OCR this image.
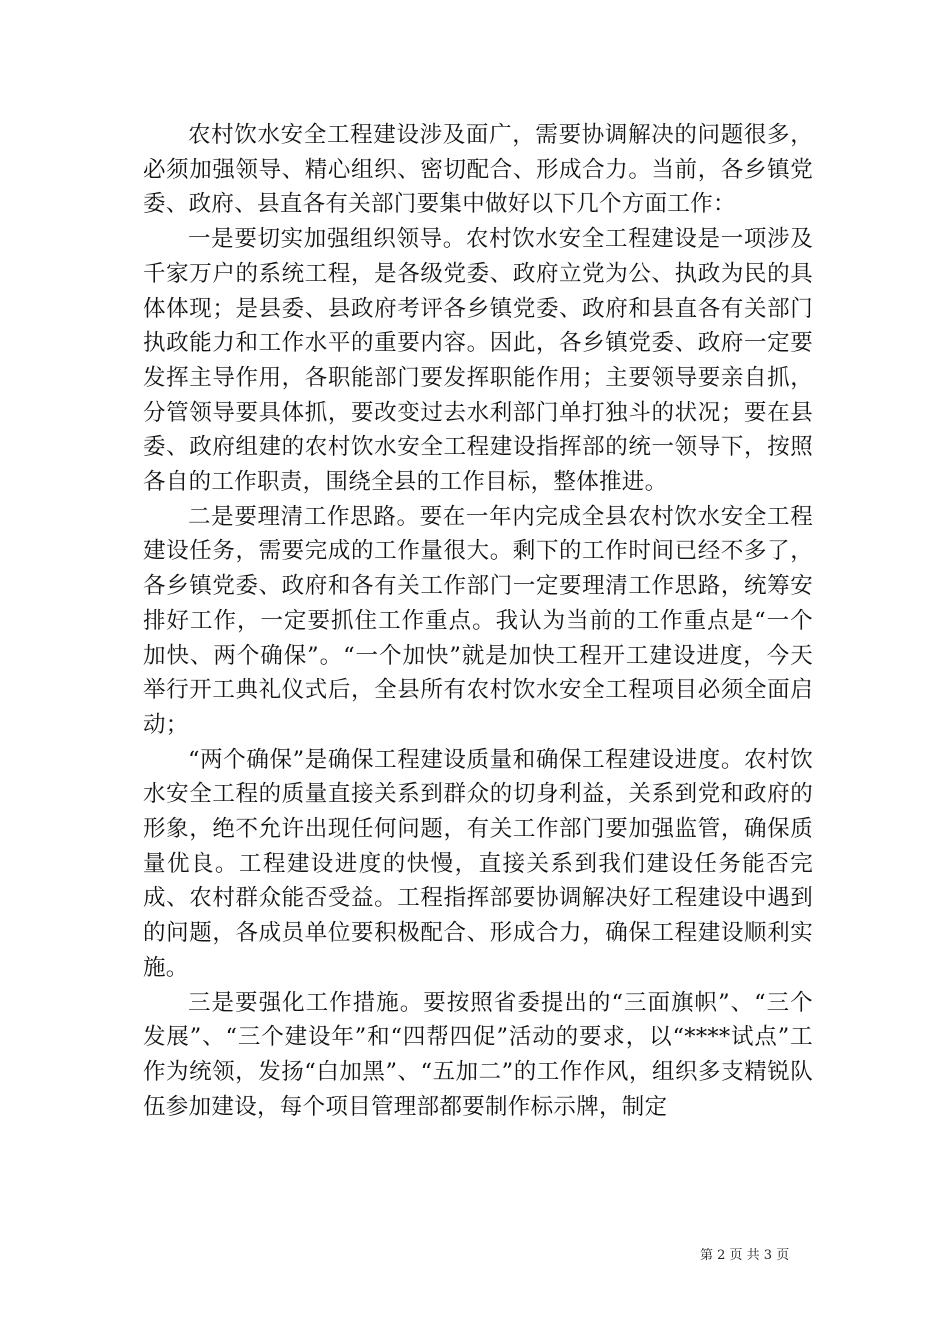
农村饮水安全工程建设涉及面广，需要协调解决的问题很多，必须加强领导、精心组织、密切配合、形成合力。当前，各乡镇党委、政府、县直各有关部门要集中做好以下几个方面工作：

一是要切实加强组织领导。农村饮水安全工程建设是一项涉及千家万户的系统工程，是各级党委、政府立党为公、执政为民的具体体现；是县委、县政府考评各乡镇党委、政府和县直各有关部门执政能力和工作水平的重要内容。因此，各乡镇党委、政府一定要发挥主导作用，各职能部门要发挥职能作用；主要领导要亲自抓，分管领导要具体抓，要改变过去水利部门单打独斗的状况；要在县委、政府组建的农村饮水安全工程建设指挥部的统一领导下，按照各自的工作职责，围绕全县的工作目标，整体推进。

二是要理清工作思路。要在一年内完成全县农村饮水安全工程建设任务，需要完成的工作量很大。剩下的工作时间已经不多了，各乡镇党委、政府和各有关工作部门一定要理清工作思路，统筹安排好工作，一定要抓住工作重点。我认为当前的工作重点是“一个加快、两个确保”。“一个加快”就是加快工程开工建设进度，今天举行开工典礼仪式后，全县所有农村饮水安全工程项目必须全面启动；

“两个确保”是确保工程建设质量和确保工程建设进度。农村饮水安全工程的质量直接关系到群众的切身利益，关系到党和政府的形象，绝不允许出现任何问题，有关工作部门要加强监管，确保质量优良。工程建设进度的快慢，直接关系到我们建设任务能否完成、农村群众能否受益。工程指挥部要协调解决好工程建设中遇到的问题，各成员单位要积极配合、形成合力，确保工程建设顺利实施。

三是要强化工作措施。要按照省委提出的“三面旗帜”、“三个发展”、“三个建设年”和“四帮四促”活动的要求，以“****试点”工作为统领，发扬“白加黑”、“五加二”的工作作风，组织多支精锐队伍参加建设，每个项目管理部都要制作标示牌，制定

第 2 页 共 3 页
